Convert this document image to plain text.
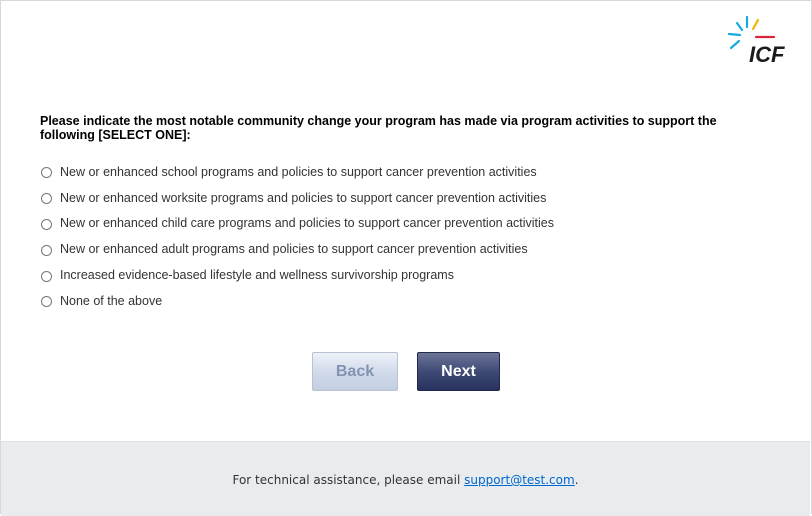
ICF

Please indicate the most notable community change your program has made via program activities to support the following [SELECT ONE]:

New or enhanced school programs and policies to support cancer prevention activities
New or enhanced worksite programs and policies to support cancer prevention activities
New or enhanced child care programs and policies to support cancer prevention activities
New or enhanced adult programs and policies to support cancer prevention activities
Increased evidence-based lifestyle and wellness survivorship programs
None of the above
Back	Next
For technical assistance, please email support@test.com.
